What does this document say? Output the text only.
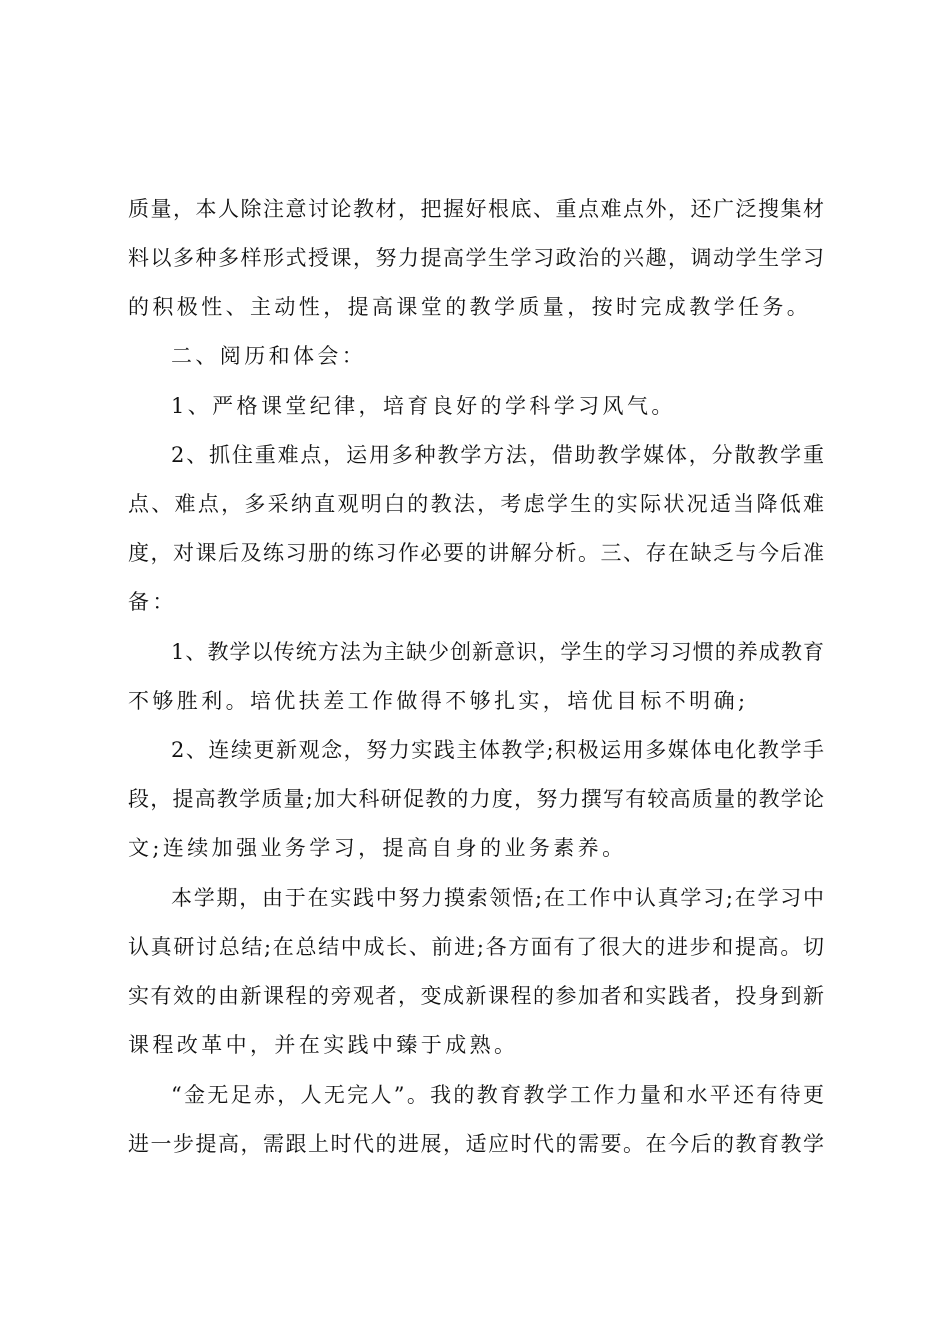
质量，本人除注意讨论教材，把握好根底、重点难点外，还广泛搜集材
料以多种多样形式授课，努力提高学生学习政治的兴趣，调动学生学习
的积极性、主动性，提高课堂的教学质量，按时完成教学任务。
二、阅历和体会：
1、严格课堂纪律，培育良好的学科学习风气。
2、抓住重难点，运用多种教学方法，借助教学媒体，分散教学重
点、难点，多采纳直观明白的教法，考虑学生的实际状况适当降低难
度，对课后及练习册的练习作必要的讲解分析。三、存在缺乏与今后准
备：
1、教学以传统方法为主缺少创新意识，学生的学习习惯的养成教育
不够胜利。培优扶差工作做得不够扎实，培优目标不明确;
2、连续更新观念，努力实践主体教学;积极运用多媒体电化教学手
段，提高教学质量;加大科研促教的力度，努力撰写有较高质量的教学论
文;连续加强业务学习，提高自身的业务素养。
本学期，由于在实践中努力摸索领悟;在工作中认真学习;在学习中
认真研讨总结;在总结中成长、前进;各方面有了很大的进步和提高。切
实有效的由新课程的旁观者，变成新课程的参加者和实践者，投身到新
课程改革中，并在实践中臻于成熟。
“金无足赤，人无完人”。我的教育教学工作力量和水平还有待更
进一步提高，需跟上时代的进展，适应时代的需要。在今后的教育教学
